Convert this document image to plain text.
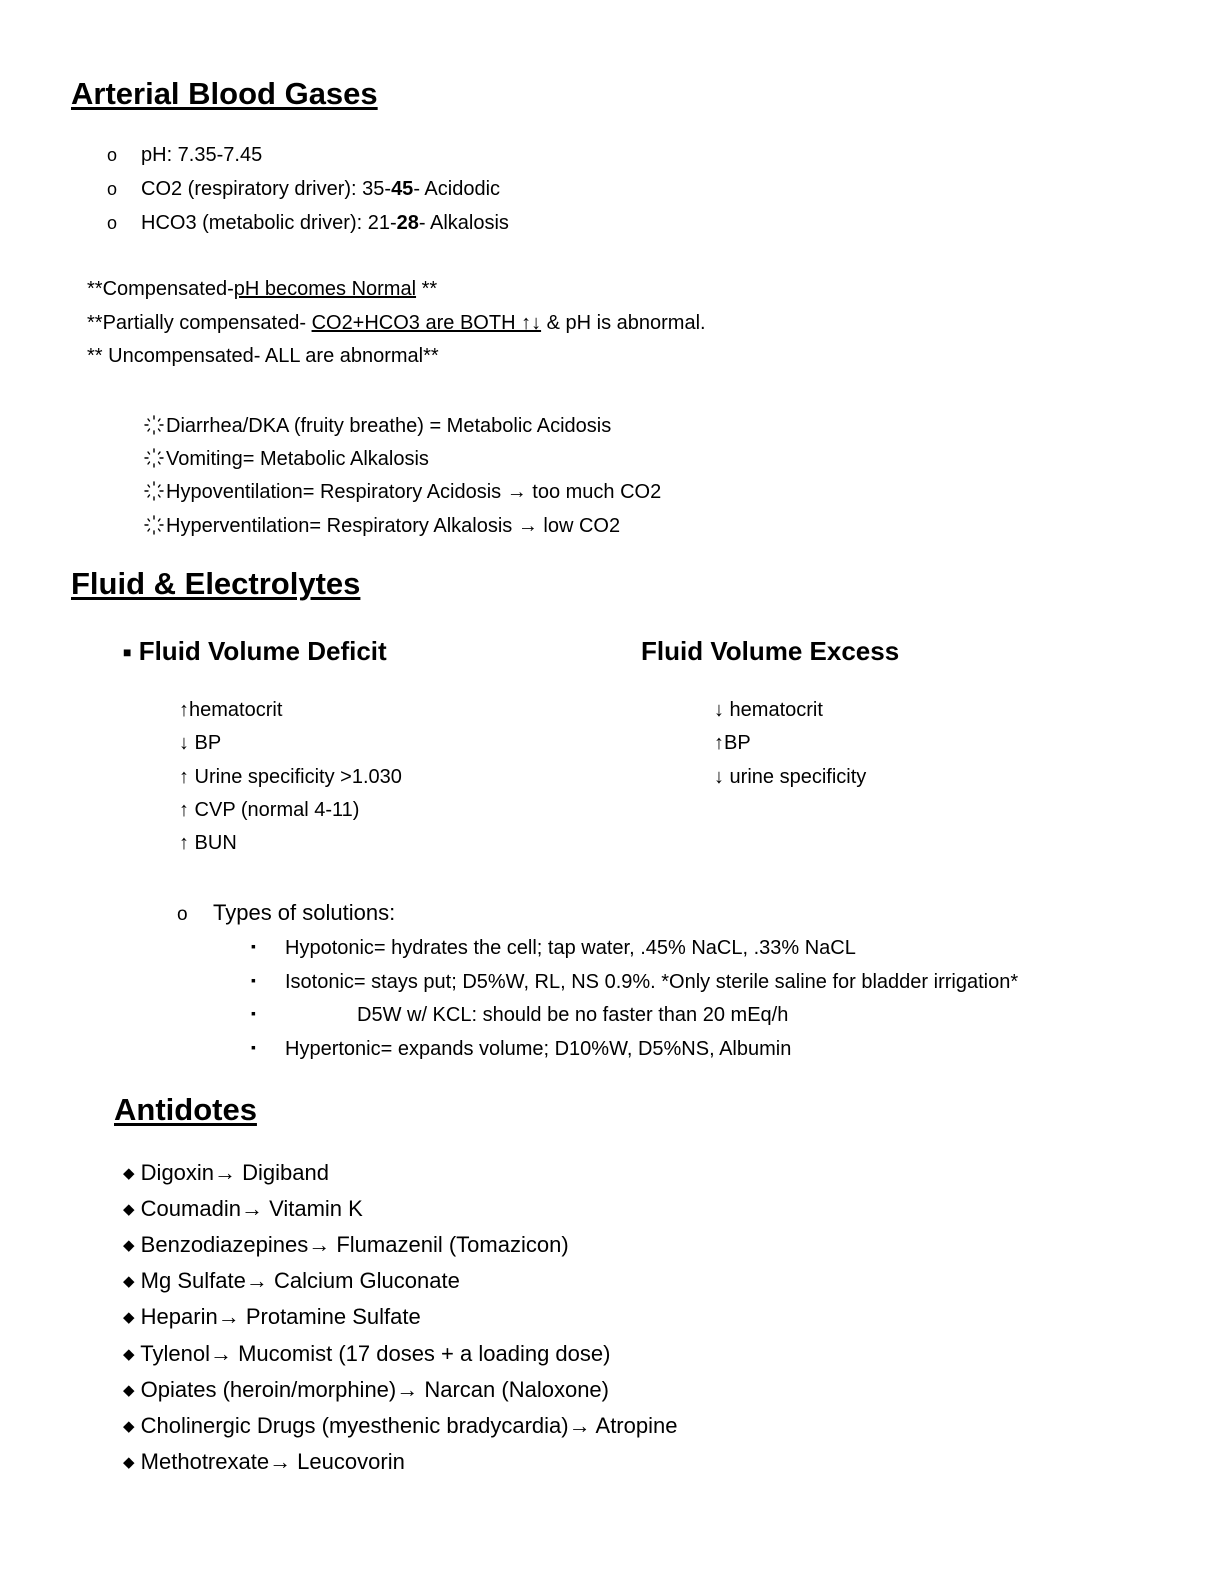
Arterial Blood Gases
o pH: 7.35-7.45
o CO2 (respiratory driver): 35-45- Acidodic
o HCO3 (metabolic driver): 21-28- Alkalosis
**Compensated-pH becomes Normal **
**Partially compensated- CO2+HCO3 are BOTH ↑↓ & pH is abnormal.
** Uncompensated- ALL are abnormal**
Diarrhea/DKA (fruity breathe) = Metabolic Acidosis
Vomiting= Metabolic Alkalosis
Hypoventilation= Respiratory Acidosis → too much CO2
Hyperventilation= Respiratory Alkalosis → low CO2
Fluid & Electrolytes
■ Fluid Volume Deficit	Fluid Volume Excess
↑hematocrit
↓ BP
↑ Urine specificity >1.030
↑ CVP (normal 4-11)
↑ BUN
↓ hematocrit
↑BP
↓ urine specificity
o Types of solutions:
▪ Hypotonic= hydrates the cell; tap water, .45% NaCL, .33% NaCL
▪ Isotonic= stays put; D5%W, RL, NS 0.9%. *Only sterile saline for bladder irrigation*
▪	D5W w/ KCL: should be no faster than 20 mEq/h
▪ Hypertonic= expands volume; D10%W, D5%NS, Albumin
Antidotes
◆ Digoxin→ Digiband
◆ Coumadin→ Vitamin K
◆ Benzodiazepines→ Flumazenil (Tomazicon)
◆ Mg Sulfate→ Calcium Gluconate
◆ Heparin→ Protamine Sulfate
◆ Tylenol→ Mucomist (17 doses + a loading dose)
◆ Opiates (heroin/morphine)→ Narcan (Naloxone)
◆ Cholinergic Drugs (myesthenic bradycardia)→ Atropine
◆ Methotrexate→ Leucovorin
